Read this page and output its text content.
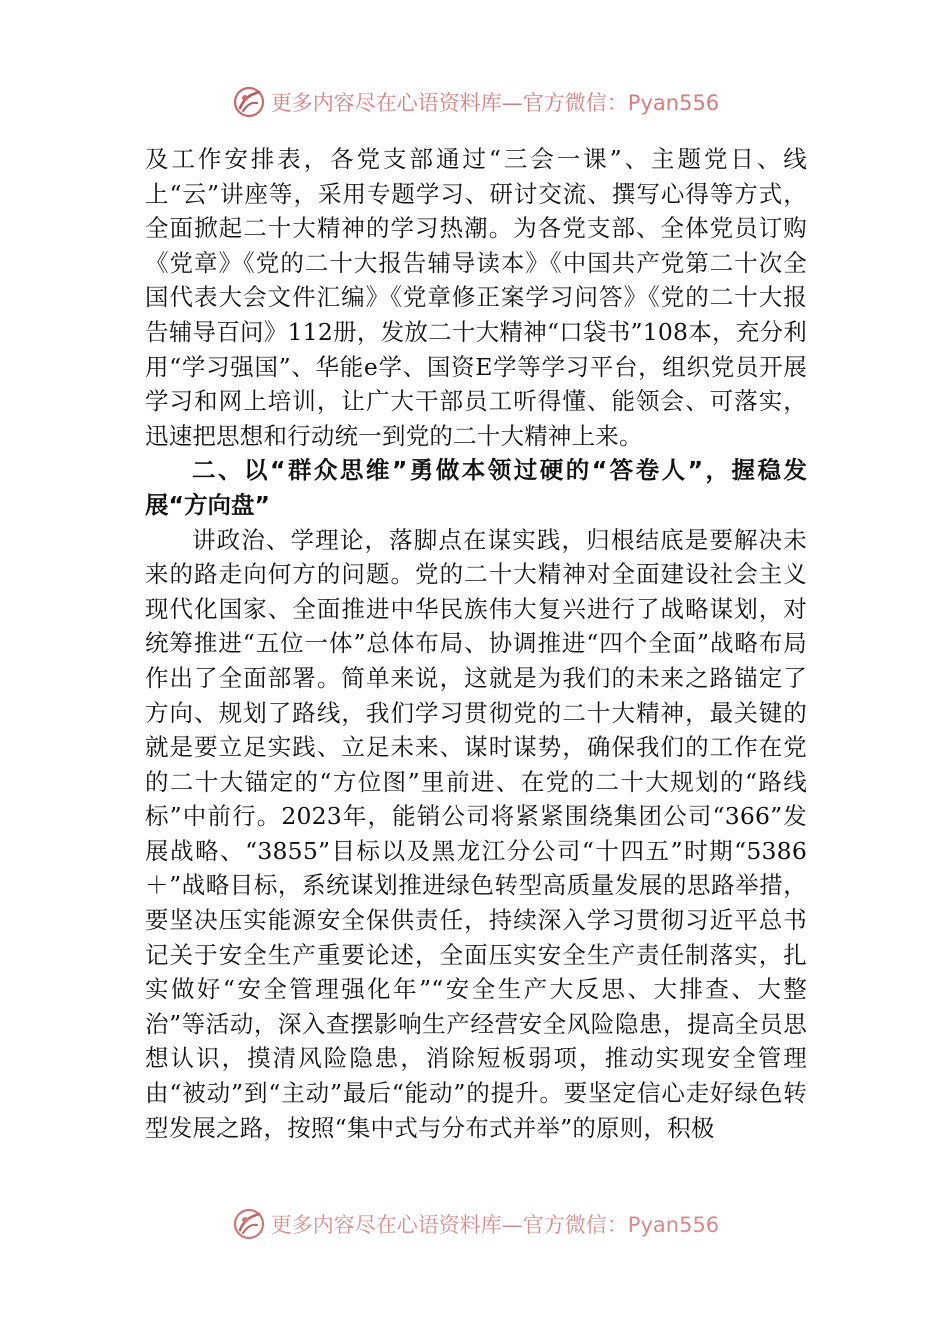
更多内容尽在心语资料库—官方微信：Pyan556

及工作安排表，各党支部通过“三会一课”、主题党日、线上“云”讲座等，采用专题学习、研讨交流、撰写心得等方式，全面掀起二十大精神的学习热潮。为各党支部、全体党员订购《党章》《党的二十大报告辅导读本》《中国共产党第二十次全国代表大会文件汇编》《党章修正案学习问答》《党的二十大报告辅导百问》112册，发放二十大精神“口袋书”108本，充分利用“学习强国”、华能e学、国资E学等学习平台，组织党员开展学习和网上培训，让广大干部员工听得懂、能领会、可落实，迅速把思想和行动统一到党的二十大精神上来。

二、以“群众思维”勇做本领过硬的“答卷人”，握稳发展“方向盘”

讲政治、学理论，落脚点在谋实践，归根结底是要解决未来的路走向何方的问题。党的二十大精神对全面建设社会主义现代化国家、全面推进中华民族伟大复兴进行了战略谋划，对统筹推进“五位一体”总体布局、协调推进“四个全面”战略布局作出了全面部署。简单来说，这就是为我们的未来之路锚定了方向、规划了路线，我们学习贯彻党的二十大精神，最关键的就是要立足实践、立足未来、谋时谋势，确保我们的工作在党的二十大锚定的“方位图”里前进、在党的二十大规划的“路线标”中前行。2023年，能销公司将紧紧围绕集团公司“366”发展战略、“3855”目标以及黑龙江分公司“十四五”时期“5386＋”战略目标，系统谋划推进绿色转型高质量发展的思路举措，要坚决压实能源安全保供责任，持续深入学习贯彻习近平总书记关于安全生产重要论述，全面压实安全生产责任制落实，扎实做好“安全管理强化年”“安全生产大反思、大排查、大整治”等活动，深入查摆影响生产经营安全风险隐患，提高全员思想认识，摸清风险隐患，消除短板弱项，推动实现安全管理由“被动”到“主动”最后“能动”的提升。要坚定信心走好绿色转型发展之路，按照“集中式与分布式并举”的原则，积极

更多内容尽在心语资料库—官方微信：Pyan556
